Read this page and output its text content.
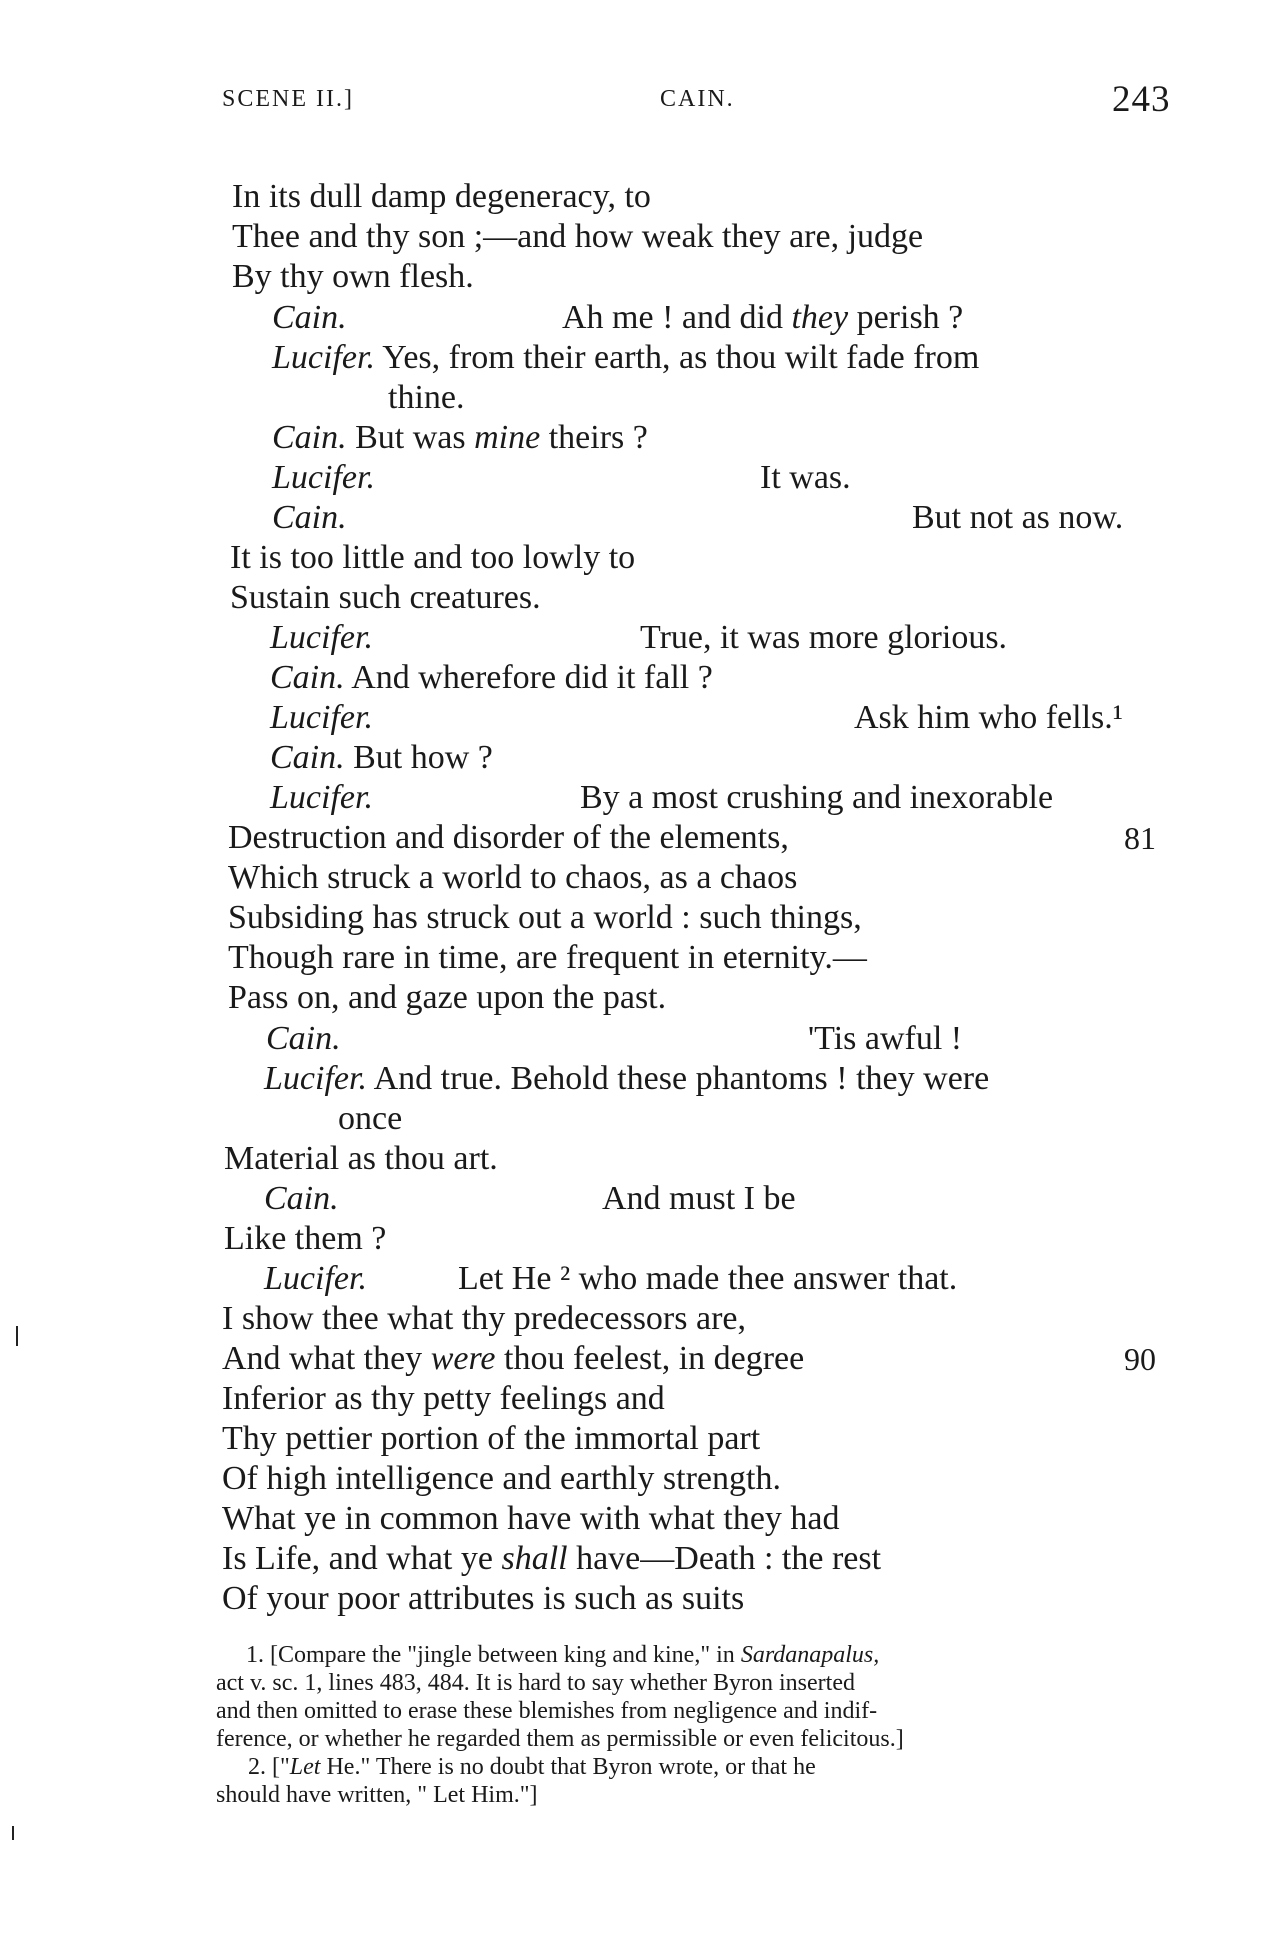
SCENE II.]	CAIN.	243
In its dull damp degeneracy, to
Thee and thy son ;—and how weak they are, judge
By thy own flesh.
Cain.	Ah me ! and did they perish ?
Lucifer. Yes, from their earth, as thou wilt fade from
thine.
Cain. But was mine theirs ?
Lucifer.	It was.
Cain.	But not as now.
It is too little and too lowly to
Sustain such creatures.
Lucifer.	True, it was more glorious.
Cain. And wherefore did it fall ?
Lucifer.	Ask him who fells.¹
Cain. But how ?
Lucifer.	By a most crushing and inexorable
Destruction and disorder of the elements,
Which struck a world to chaos, as a chaos
Subsiding has struck out a world : such things,
Though rare in time, are frequent in eternity.—
Pass on, and gaze upon the past.
Cain.	'Tis awful !
Lucifer. And true. Behold these phantoms ! they were
once
Material as thou art.
Cain.	And must I be
Like them ?
Lucifer.	Let He ² who made thee answer that.
I show thee what thy predecessors are,
And what they were thou feelest, in degree
Inferior as thy petty feelings and
Thy pettier portion of the immortal part
Of high intelligence and earthly strength.
What ye in common have with what they had
Is Life, and what ye shall have—Death : the rest
Of your poor attributes is such as suits
81
90
1. [Compare the "jingle between king and kine," in Sardanapalus,
act v. sc. 1, lines 483, 484. It is hard to say whether Byron inserted
and then omitted to erase these blemishes from negligence and indif-
ference, or whether he regarded them as permissible or even felicitous.]
2. ["Let He." There is no doubt that Byron wrote, or that he
should have written, " Let Him."]
